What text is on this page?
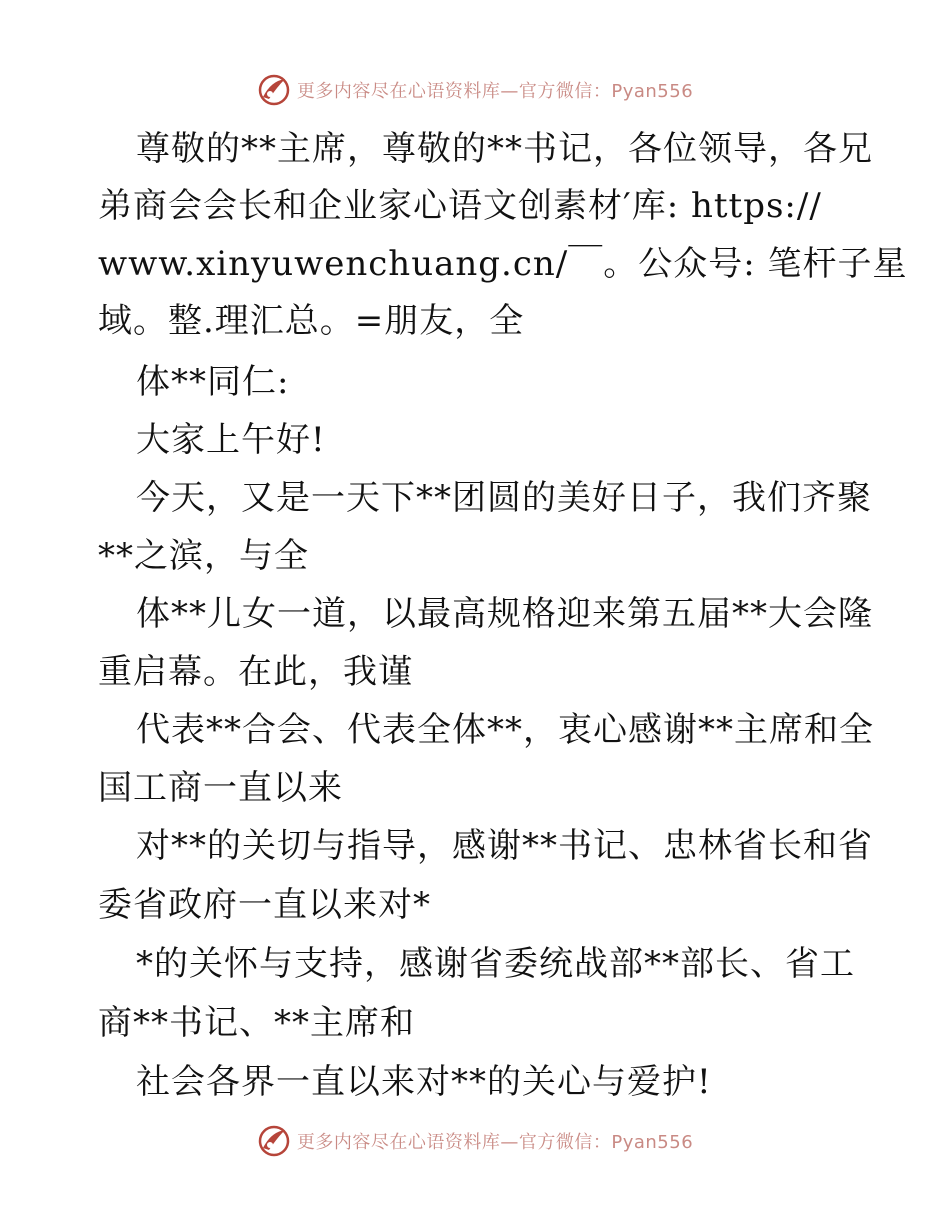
更多内容尽在心语资料库—官方微信：Pyan556
尊敬的**主席，尊敬的**书记，各位领导，各兄
弟商会会长和企业家心语文创素材′库: https://
www.xinyuwenchuang.cn/￣。公众号: 笔杆子星
域。整.理汇总。=朋友，全
体**同仁:
大家上午好!
今天，又是一天下**团圆的美好日子，我们齐聚
**之滨，与全
体**儿女一道，以最高规格迎来第五届**大会隆
重启幕。在此，我谨
代表**合会、代表全体**，衷心感谢**主席和全
国工商一直以来
对**的关切与指导，感谢**书记、忠林省长和省
委省政府一直以来对*
*的关怀与支持，感谢省委统战部**部长、省工
商**书记、**主席和
社会各界一直以来对**的关心与爱护!
更多内容尽在心语资料库—官方微信：Pyan556
